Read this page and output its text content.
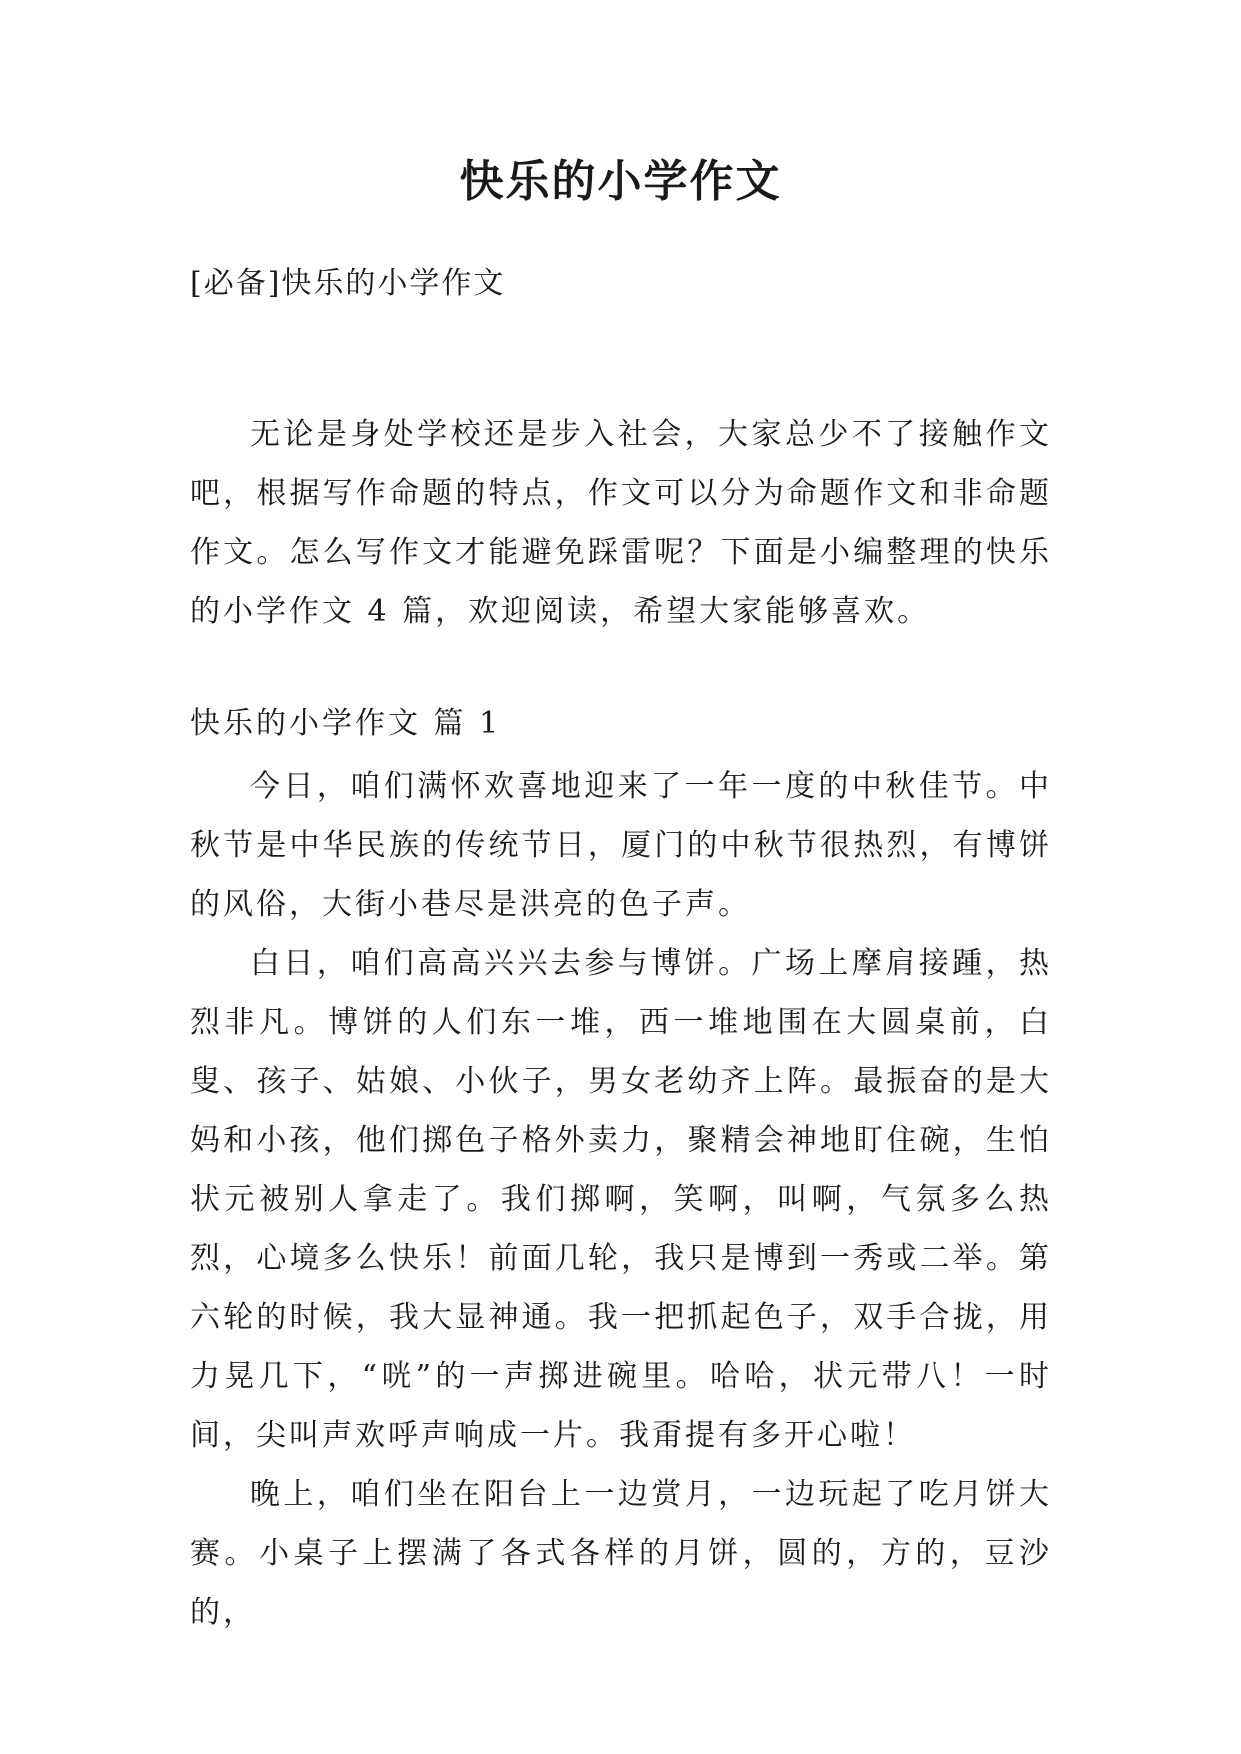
快乐的小学作文

[必备]快乐的小学作文

无论是身处学校还是步入社会，大家总少不了接触作文吧，根据写作命题的特点，作文可以分为命题作文和非命题作文。怎么写作文才能避免踩雷呢？下面是小编整理的快乐的小学作文 4 篇，欢迎阅读，希望大家能够喜欢。

快乐的小学作文 篇 1

今日，咱们满怀欢喜地迎来了一年一度的中秋佳节。中秋节是中华民族的传统节日，厦门的中秋节很热烈，有博饼的风俗，大街小巷尽是洪亮的色子声。

白日，咱们高高兴兴去参与博饼。广场上摩肩接踵，热烈非凡。博饼的人们东一堆，西一堆地围在大圆桌前，白叟、孩子、姑娘、小伙子，男女老幼齐上阵。最振奋的是大妈和小孩，他们掷色子格外卖力，聚精会神地盯住碗，生怕状元被别人拿走了。我们掷啊，笑啊，叫啊，气氛多么热烈，心境多么快乐！前面几轮，我只是博到一秀或二举。第六轮的时候，我大显神通。我一把抓起色子，双手合拢，用力晃几下，“咣”的一声掷进碗里。哈哈，状元带八！一时间，尖叫声欢呼声响成一片。我甭提有多开心啦！

晚上，咱们坐在阳台上一边赏月，一边玩起了吃月饼大赛。小桌子上摆满了各式各样的月饼，圆的，方的，豆沙的，
